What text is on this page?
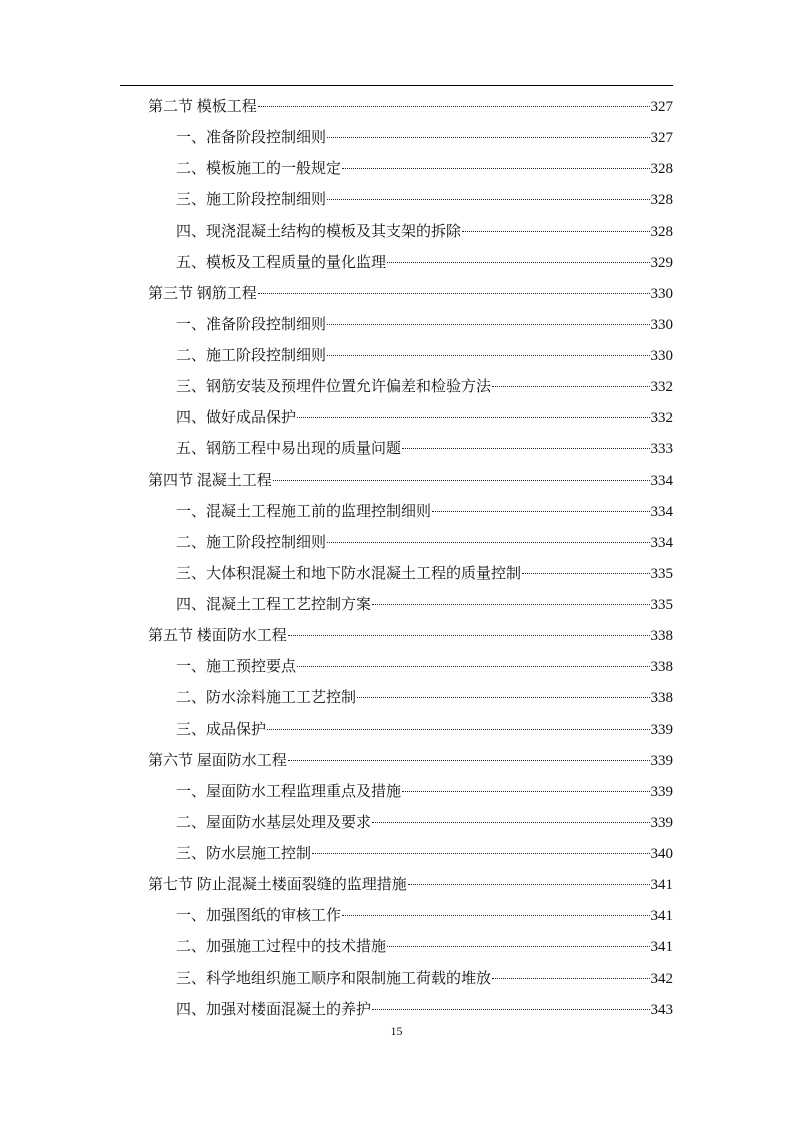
第二节 模板工程	327
一、准备阶段控制细则	327
二、模板施工的一般规定	328
三、施工阶段控制细则	328
四、现浇混凝土结构的模板及其支架的拆除	328
五、模板及工程质量的量化监理	329
第三节 钢筋工程	330
一、准备阶段控制细则	330
二、施工阶段控制细则	330
三、钢筋安装及预埋件位置允许偏差和检验方法	332
四、做好成品保护	332
五、钢筋工程中易出现的质量问题	333
第四节 混凝土工程	334
一、混凝土工程施工前的监理控制细则	334
二、施工阶段控制细则	334
三、大体积混凝土和地下防水混凝土工程的质量控制	335
四、混凝土工程工艺控制方案	335
第五节 楼面防水工程	338
一、施工预控要点	338
二、防水涂料施工工艺控制	338
三、成品保护	339
第六节 屋面防水工程	339
一、屋面防水工程监理重点及措施	339
二、屋面防水基层处理及要求	339
三、防水层施工控制	340
第七节 防止混凝土楼面裂缝的监理措施	341
一、加强图纸的审核工作	341
二、加强施工过程中的技术措施	341
三、科学地组织施工顺序和限制施工荷载的堆放	342
四、加强对楼面混凝土的养护	343
15
